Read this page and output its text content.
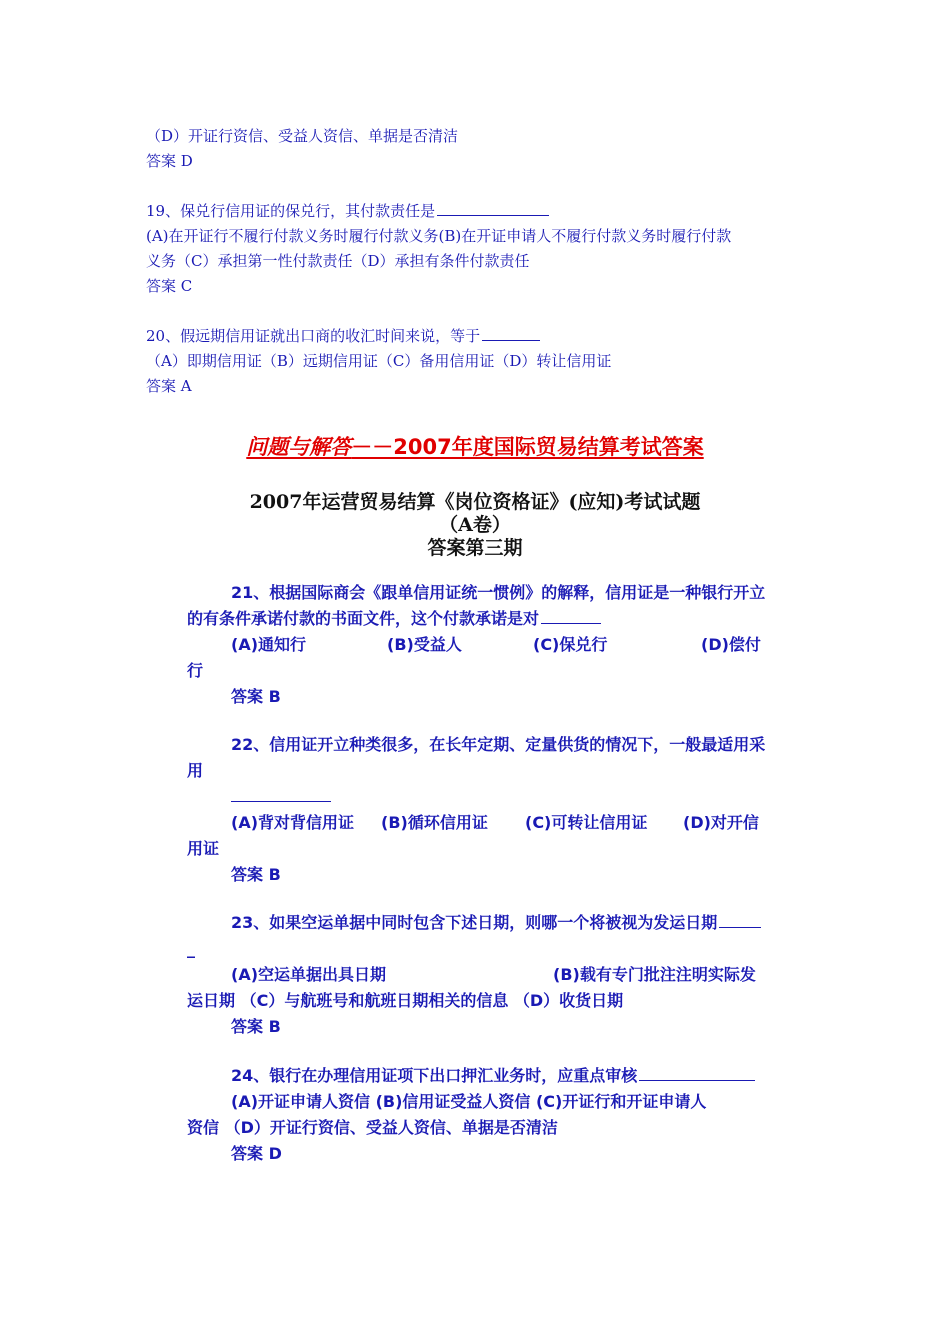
（D）开证行资信、受益人资信、单据是否清洁
答案 D
19、保兑行信用证的保兑行，其付款责任是
(A)在开证行不履行付款义务时履行付款义务(B)在开证申请人不履行付款义务时履行付款
义务（C）承担第一性付款责任（D）承担有条件付款责任
答案 C
20、假远期信用证就出口商的收汇时间来说，等于
（A）即期信用证（B）远期信用证（C）备用信用证（D）转让信用证
答案 A
问题与解答－－2007年度国际贸易结算考试答案
2007年运营贸易结算《岗位资格证》(应知)考试试题
（A卷）
答案第三期
21、根据国际商会《跟单信用证统一惯例》的解释，信用证是一种银行开立
的有条件承诺付款的书面文件，这个付款承诺是对
(A)通知行	(B)受益人	(C)保兑行	(D)偿付
行
答案 B
22、信用证开立种类很多，在长年定期、定量供货的情况下，一般最适用采
用
(A)背对背信用证	(B)循环信用证	(C)可转让信用证	(D)对开信
用证
答案 B
23、如果空运单据中同时包含下述日期，则哪一个将被视为发运日期
_
(A)空运单据出具日期	(B)载有专门批注注明实际发
运日期 （C）与航班号和航班日期相关的信息 （D）收货日期
答案 B
24、银行在办理信用证项下出口押汇业务时，应重点审核
(A)开证申请人资信 (B)信用证受益人资信 (C)开证行和开证申请人
资信 （D）开证行资信、受益人资信、单据是否清洁
答案 D
